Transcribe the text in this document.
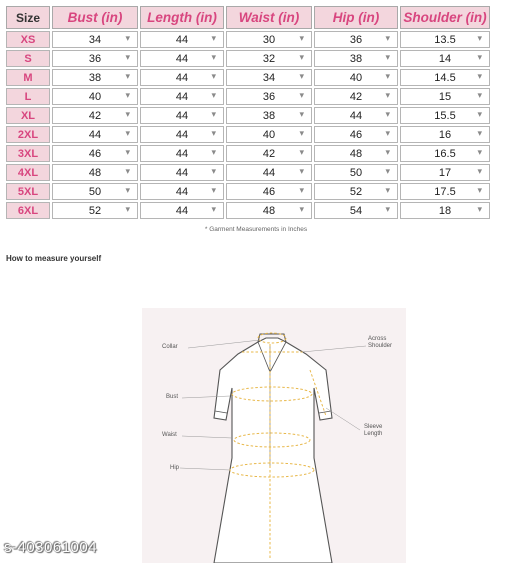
Size	Bust (in)	Length (in)	Waist (in)	Hip (in)	Shoulder (in)
XS	34 ▾	44 ▾	30 ▾	36 ▾	13.5 ▾
S	36 ▾	44 ▾	32 ▾	38 ▾	14 ▾
M	38 ▾	44 ▾	34 ▾	40 ▾	14.5 ▾
L	40 ▾	44 ▾	36 ▾	42 ▾	15 ▾
XL	42 ▾	44 ▾	38 ▾	44 ▾	15.5 ▾
2XL	44 ▾	44 ▾	40 ▾	46 ▾	16 ▾
3XL	46 ▾	44 ▾	42 ▾	48 ▾	16.5 ▾
4XL	48 ▾	44 ▾	44 ▾	50 ▾	17 ▾
5XL	50 ▾	44 ▾	46 ▾	52 ▾	17.5 ▾
6XL	52 ▾	44 ▾	48 ▾	54 ▾	18 ▾
* Garment Measurements in Inches
How to measure yourself
Collar
Bust
Waist
Hip
Across
Shoulder
Sleeve
Length
s-403061004
